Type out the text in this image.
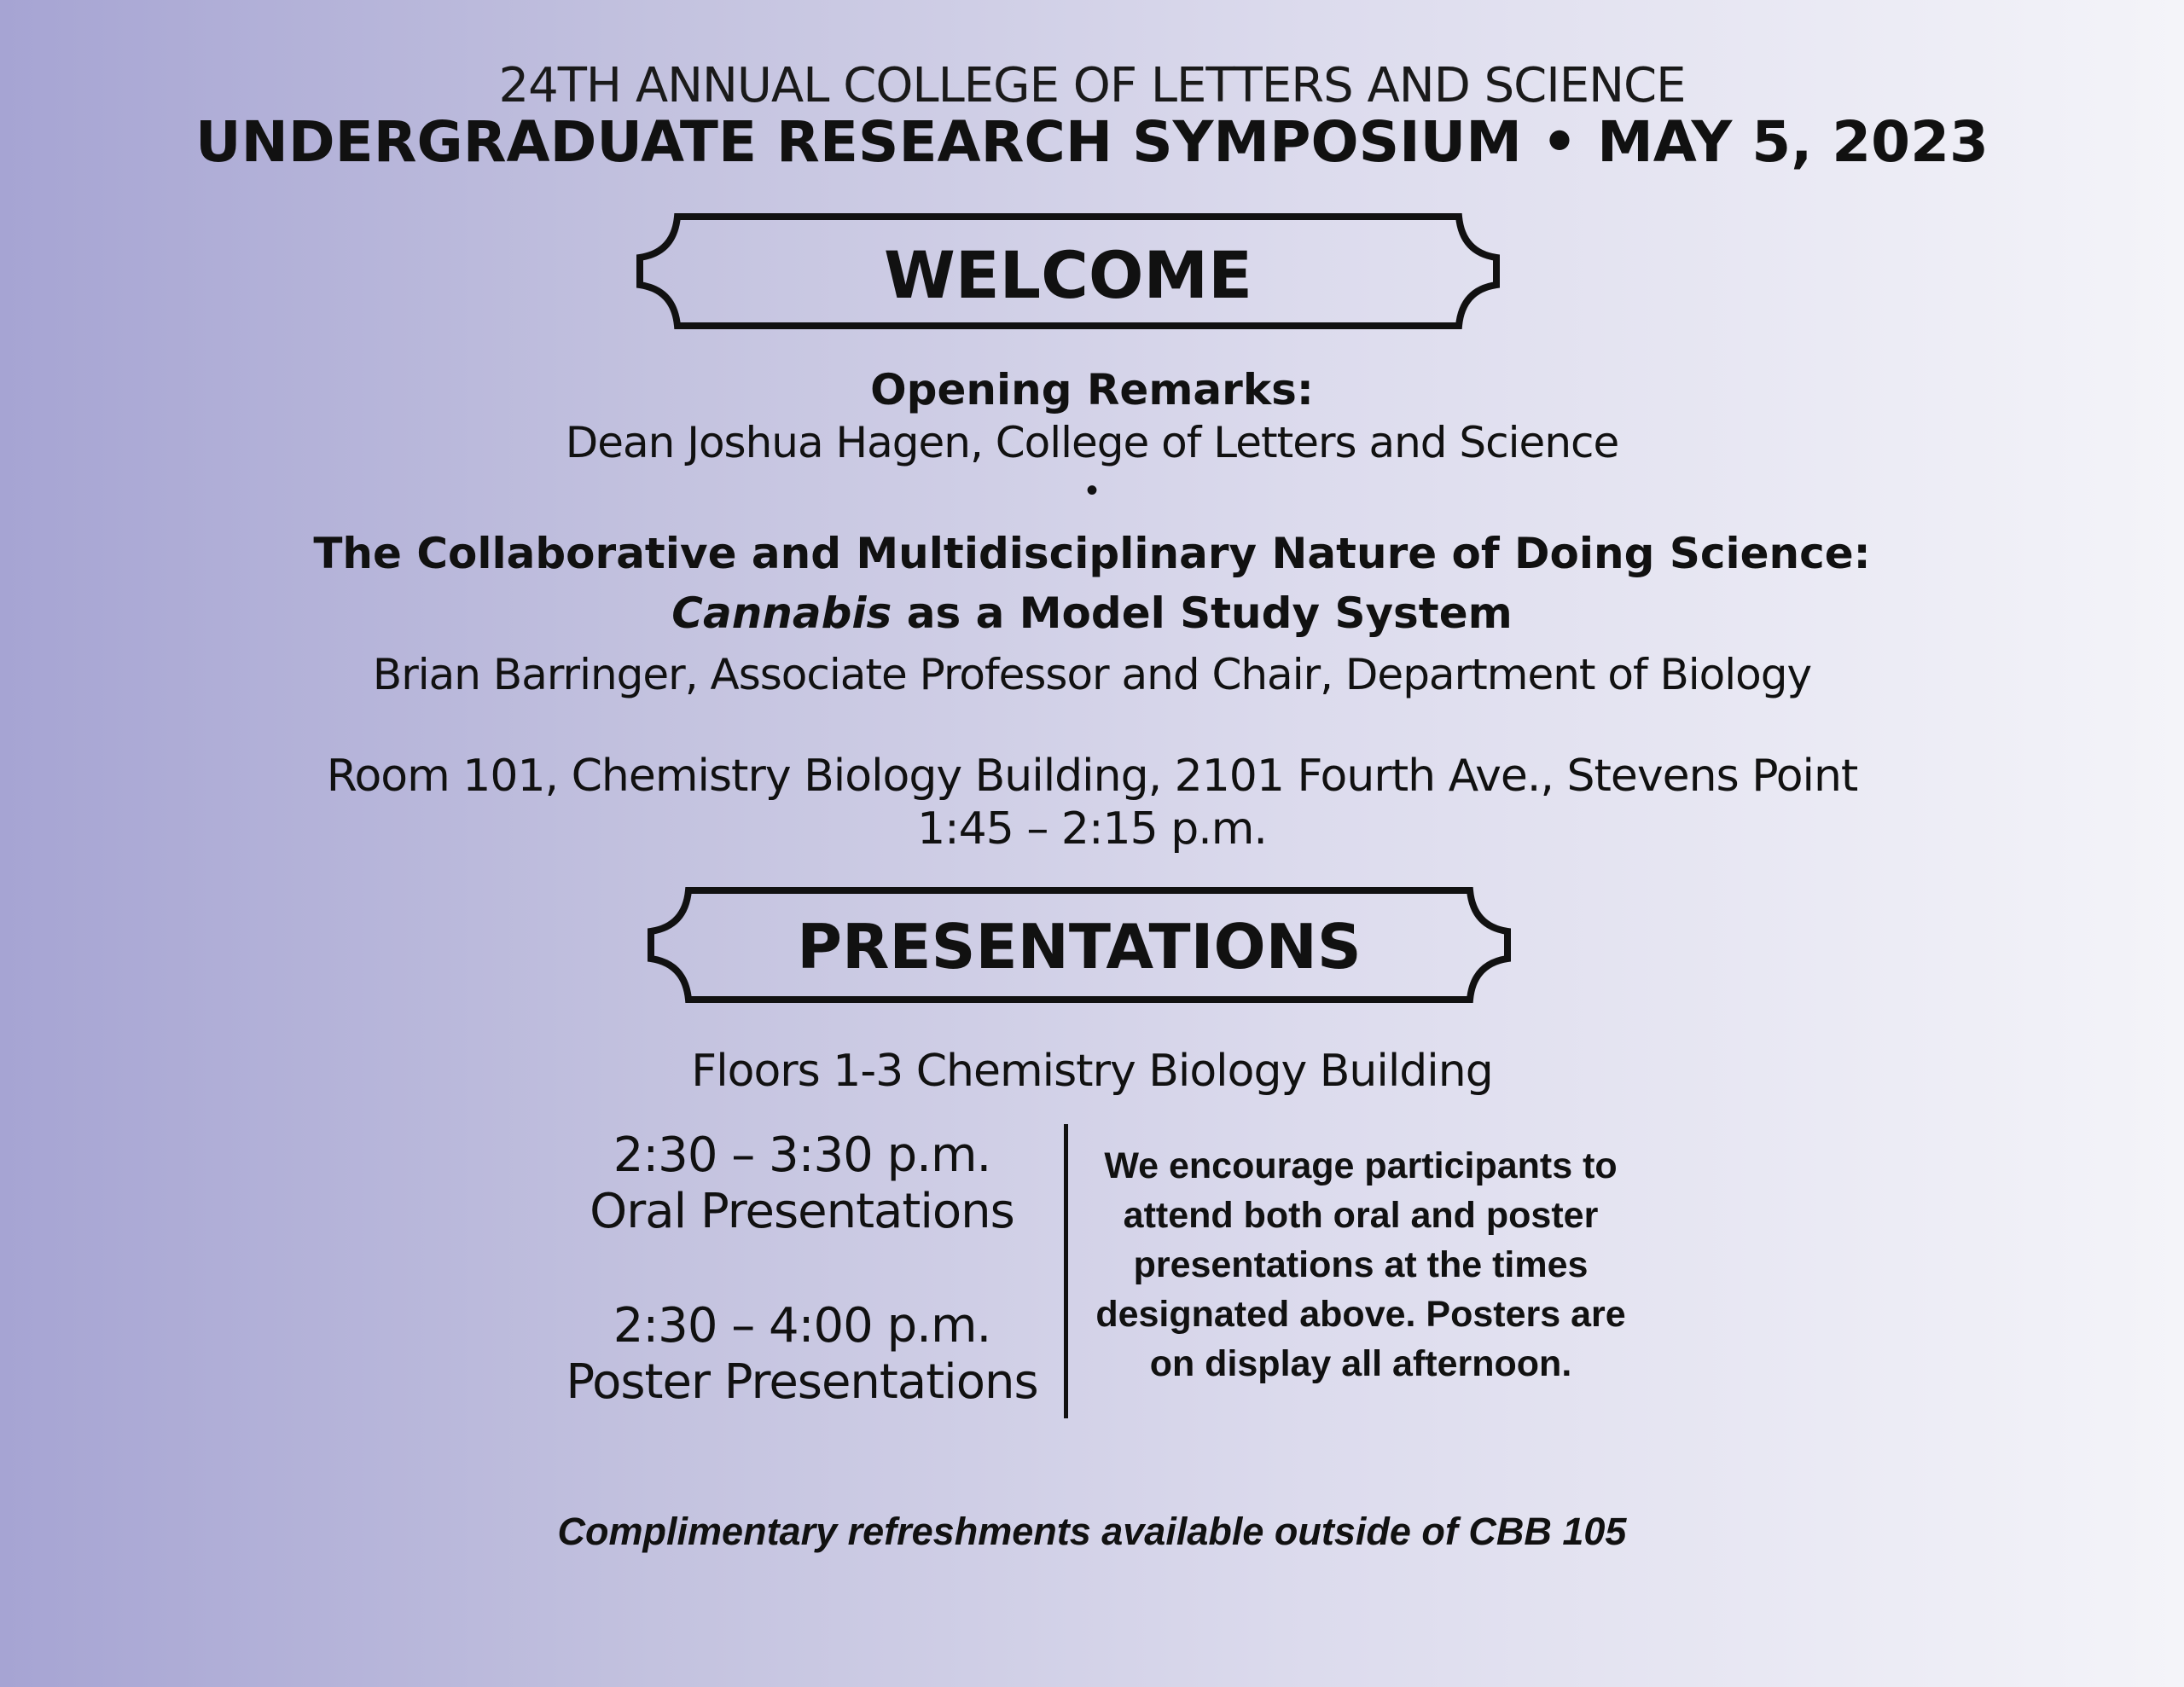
24TH ANNUAL COLLEGE OF LETTERS AND SCIENCE
UNDERGRADUATE RESEARCH SYMPOSIUM • MAY 5, 2023
WELCOME
Opening Remarks:
Dean Joshua Hagen, College of Letters and Science
•
The Collaborative and Multidisciplinary Nature of Doing Science:
Cannabis as a Model Study System
Brian Barringer, Associate Professor and Chair, Department of Biology
Room 101, Chemistry Biology Building, 2101 Fourth Ave., Stevens Point
1:45 – 2:15 p.m.
PRESENTATIONS
Floors 1-3 Chemistry Biology Building
2:30 – 3:30 p.m.
Oral Presentations
2:30 – 4:00 p.m.
Poster Presentations
We encourage participants to attend both oral and poster presentations at the times designated above. Posters are on display all afternoon.
Complimentary refreshments available outside of CBB 105
